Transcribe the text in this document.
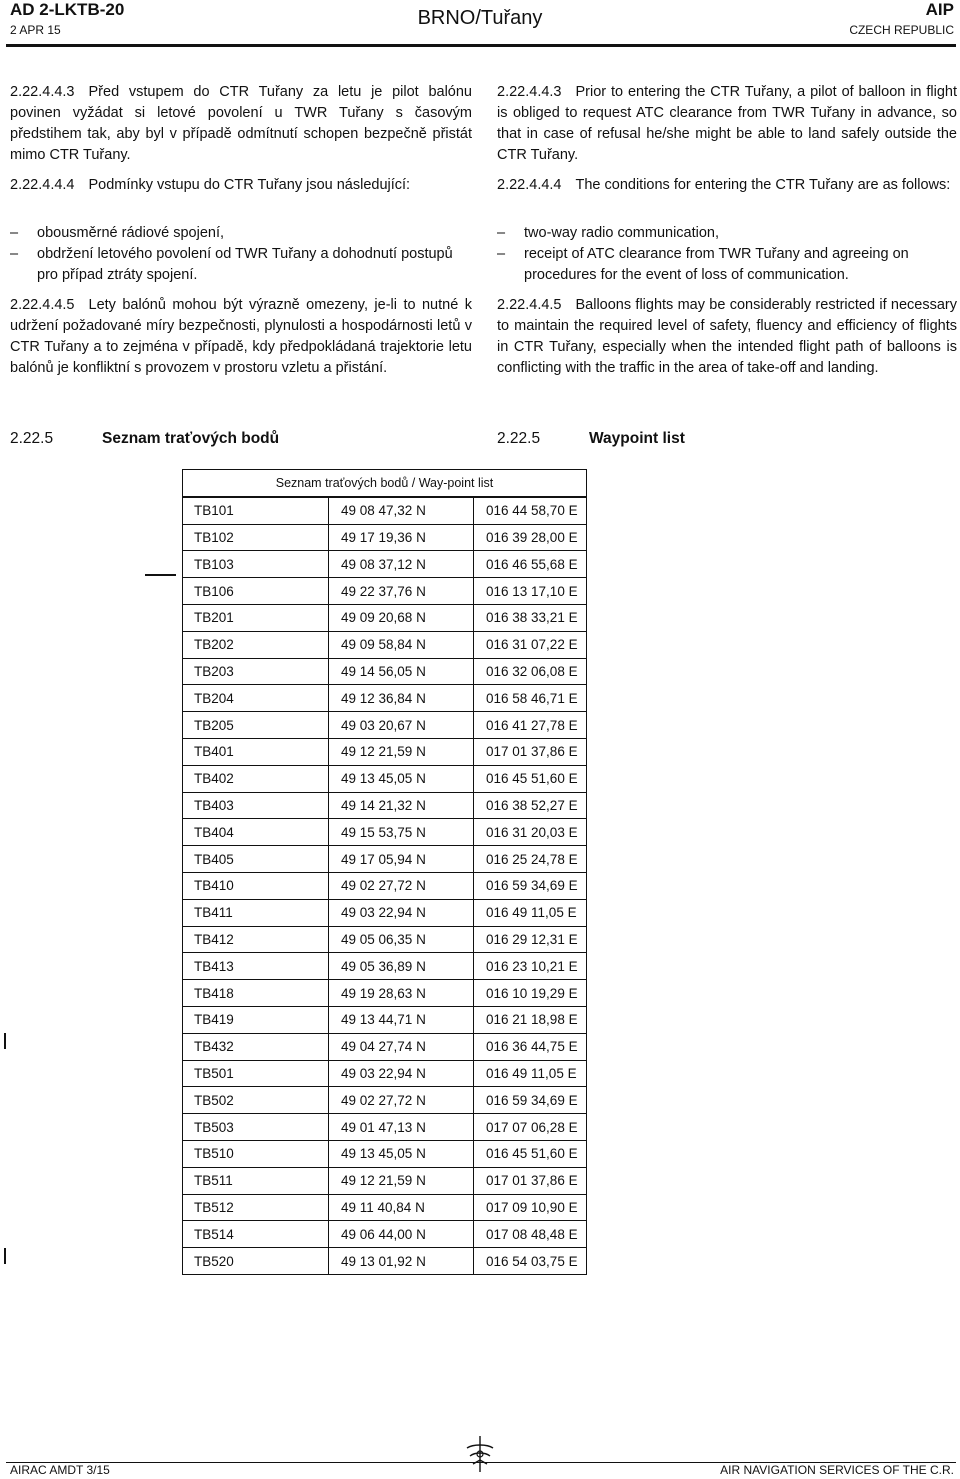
AD 2-LKTB-20
2 APR 15
BRNO/Tuřany	AIP
CZECH REPUBLIC

2.22.4.4.3 Před vstupem do CTR Tuřany za letu je pilot balónu povinen vyžádat si letové povolení u TWR Tuřany s časovým předstihem tak, aby byl v případě odmítnutí schopen bezpečně přistát mimo CTR Tuřany.

2.22.4.4.4 Podmínky vstupu do CTR Tuřany jsou následující:

– obousměrné rádiové spojení,
– obdržení letového povolení od TWR Tuřany a dohodnutí postupů pro případ ztráty spojení.

2.22.4.4.5 Lety balónů mohou být výrazně omezeny, je-li to nutné k udržení požadované míry bezpečnosti, plynulosti a hospodárnosti letů v CTR Tuřany a to zejména v případě, kdy předpokládaná trajektorie letu balónů je konfliktní s provozem v prostoru vzletu a přistání.

2.22.4.4.3 Prior to entering the CTR Tuřany, a pilot of balloon in flight is obliged to request ATC clearance from TWR Tuřany in advance, so that in case of refusal he/she might be able to land safely outside the CTR Tuřany.

2.22.4.4.4 The conditions for entering the CTR Tuřany are as follows:

– two-way radio communication,
– receipt of ATC clearance from TWR Tuřany and agreeing on procedures for the event of loss of communication.

2.22.4.4.5 Balloons flights may be considerably restricted if necessary to maintain the required level of safety, fluency and efficiency of flights in CTR Tuřany, especially when the intended flight path of balloons is conflicting with the traffic in the area of take-off and landing.

2.22.5	Seznam traťových bodů	2.22.5	Waypoint list
Seznam traťových bodů / Way-point list		
TB101	49 08 47,32 N	016 44 58,70 E
TB102	49 17 19,36 N	016 39 28,00 E
TB103	49 08 37,12 N	016 46 55,68 E
TB106	49 22 37,76 N	016 13 17,10 E
TB201	49 09 20,68 N	016 38 33,21 E
TB202	49 09 58,84 N	016 31 07,22 E
TB203	49 14 56,05 N	016 32 06,08 E
TB204	49 12 36,84 N	016 58 46,71 E
TB205	49 03 20,67 N	016 41 27,78 E
TB401	49 12 21,59 N	017 01 37,86 E
TB402	49 13 45,05 N	016 45 51,60 E
TB403	49 14 21,32 N	016 38 52,27 E
TB404	49 15 53,75 N	016 31 20,03 E
TB405	49 17 05,94 N	016 25 24,78 E
TB410	49 02 27,72 N	016 59 34,69 E
TB411	49 03 22,94 N	016 49 11,05 E
TB412	49 05 06,35 N	016 29 12,31 E
TB413	49 05 36,89 N	016 23 10,21 E
TB418	49 19 28,63 N	016 10 19,29 E
TB419	49 13 44,71 N	016 21 18,98 E
TB432	49 04 27,74 N	016 36 44,75 E
TB501	49 03 22,94 N	016 49 11,05 E
TB502	49 02 27,72 N	016 59 34,69 E
TB503	49 01 47,13 N	017 07 06,28 E
TB510	49 13 45,05 N	016 45 51,60 E
TB511	49 12 21,59 N	017 01 37,86 E
TB512	49 11 40,84 N	017 09 10,90 E
TB514	49 06 44,00 N	017 08 48,48 E
TB520	49 13 01,92 N	016 54 03,75 E
AIRAC AMDT 3/15	AIR NAVIGATION SERVICES OF THE C.R.
